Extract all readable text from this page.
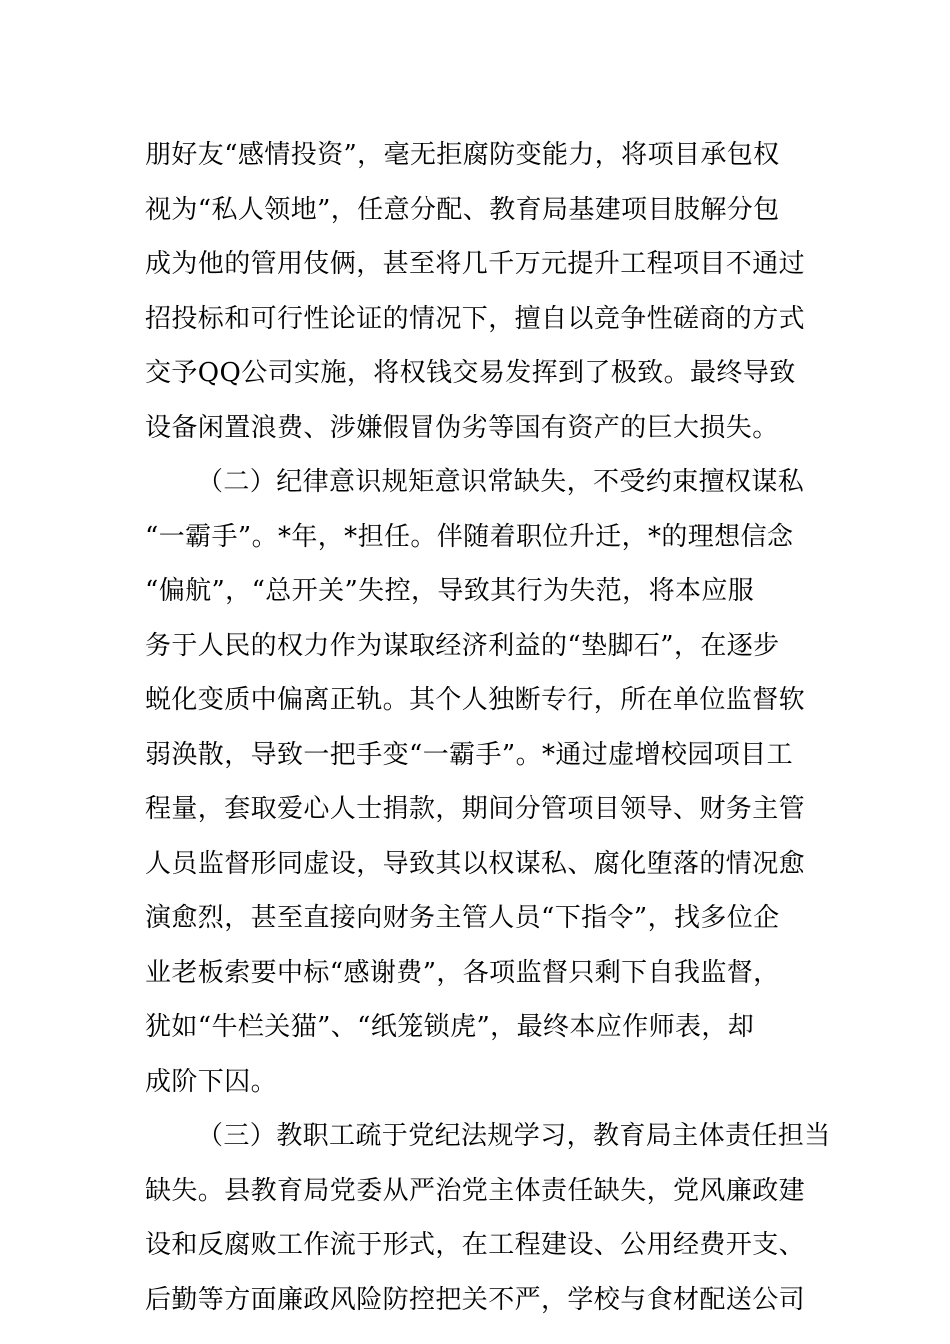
朋好友“感情投资”，毫无拒腐防变能力，将项目承包权
视为“私人领地”，任意分配、教育局基建项目肢解分包
成为他的管用伎俩，甚至将几千万元提升工程项目不通过
招投标和可行性论证的情况下，擅自以竞争性磋商的方式
交予QQ公司实施，将权钱交易发挥到了极致。最终导致
设备闲置浪费、涉嫌假冒伪劣等国有资产的巨大损失。
（二）纪律意识规矩意识常缺失，不受约束擅权谋私
“一霸手”。*年，*担任。伴随着职位升迁，*的理想信念
“偏航”，“总开关”失控，导致其行为失范，将本应服
务于人民的权力作为谋取经济利益的“垫脚石”，在逐步
蜕化变质中偏离正轨。其个人独断专行，所在单位监督软
弱涣散，导致一把手变“一霸手”。*通过虚增校园项目工
程量，套取爱心人士捐款，期间分管项目领导、财务主管
人员监督形同虚设，导致其以权谋私、腐化堕落的情况愈
演愈烈，甚至直接向财务主管人员“下指令”，找多位企
业老板索要中标“感谢费”，各项监督只剩下自我监督，
犹如“牛栏关猫”、“纸笼锁虎”，最终本应作师表，却
成阶下囚。
（三）教职工疏于党纪法规学习，教育局主体责任担当
缺失。县教育局党委从严治党主体责任缺失，党风廉政建
设和反腐败工作流于形式，在工程建设、公用经费开支、
后勤等方面廉政风险防控把关不严，学校与食材配送公司
